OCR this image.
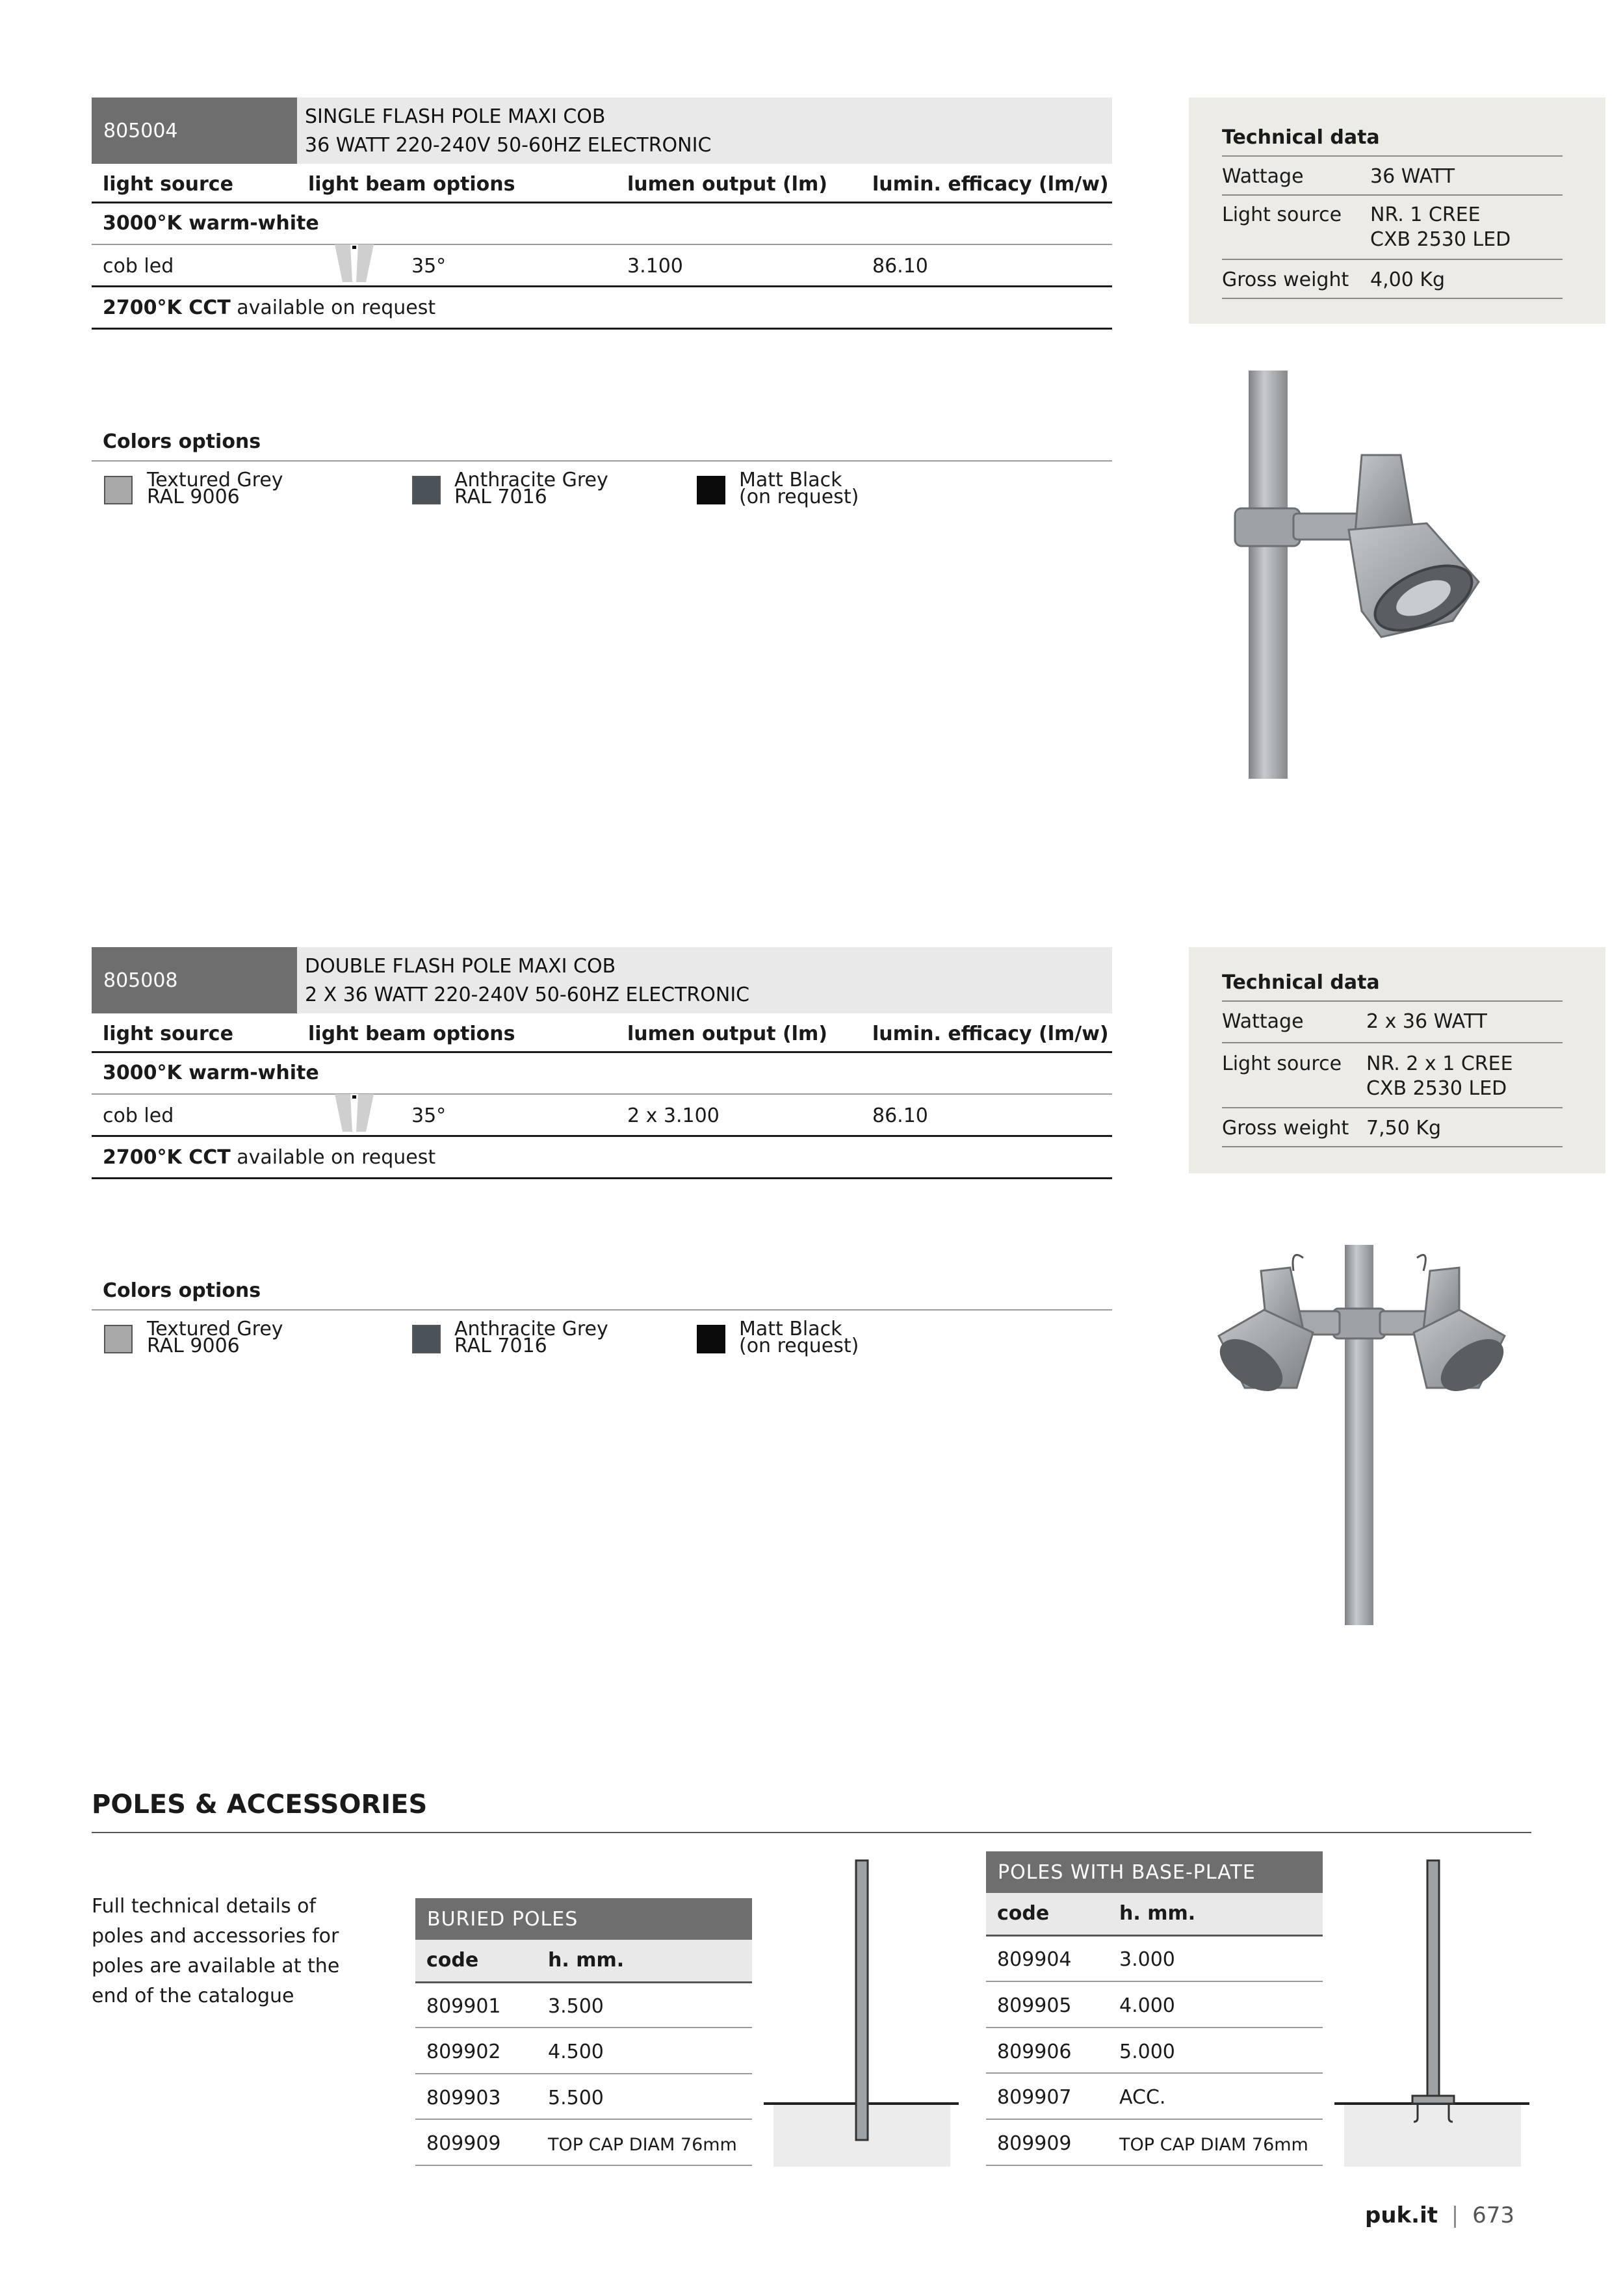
805004
SINGLE FLASH POLE MAXI COB
36 WATT 220-240V 50-60HZ ELECTRONIC
light source	light beam options	lumen output (lm) lumin. efficacy (lm/w)
3000°K warm-white
cob led	35°	3.100	86.10
2700°K CCT available on request
Technical data
Wattage	36 WATT
Light source NR. 1 CREE
CXB 2530 LED
Gross weight 4,00 Kg
Colors options
Textured Grey
RAL 9006
Anthracite Grey
RAL 7016
Matt Black
(on request)
805008
DOUBLE FLASH POLE MAXI COB
2 X 36 WATT 220-240V 50-60HZ ELECTRONIC
light source	light beam options	lumen output (lm) lumin. efficacy (lm/w)
3000°K warm-white
cob led	35°	2 x 3.100	86.10
2700°K CCT available on request
Technical data
Wattage	2 x 36 WATT
Light source NR. 2 x 1 CREE
CXB 2530 LED
Gross weight 7,50 Kg
Colors options
Textured Grey
RAL 9006
Anthracite Grey
RAL 7016
Matt Black
(on request)
POLES & ACCESSORIES
Full technical details of
poles and accessories for
poles are available at the
end of the catalogue
BURIED POLES
code	h. mm.
809901 3.500
809902 4.500
809903 5.500
809909	TOP CAP DIAM 76mm
POLES WITH BASE-PLATE
code	h. mm.
809904 3.000
809905 4.000
809906 5.000
809907 ACC.
809909	TOP CAP DIAM 76mm
puk.it | 673
